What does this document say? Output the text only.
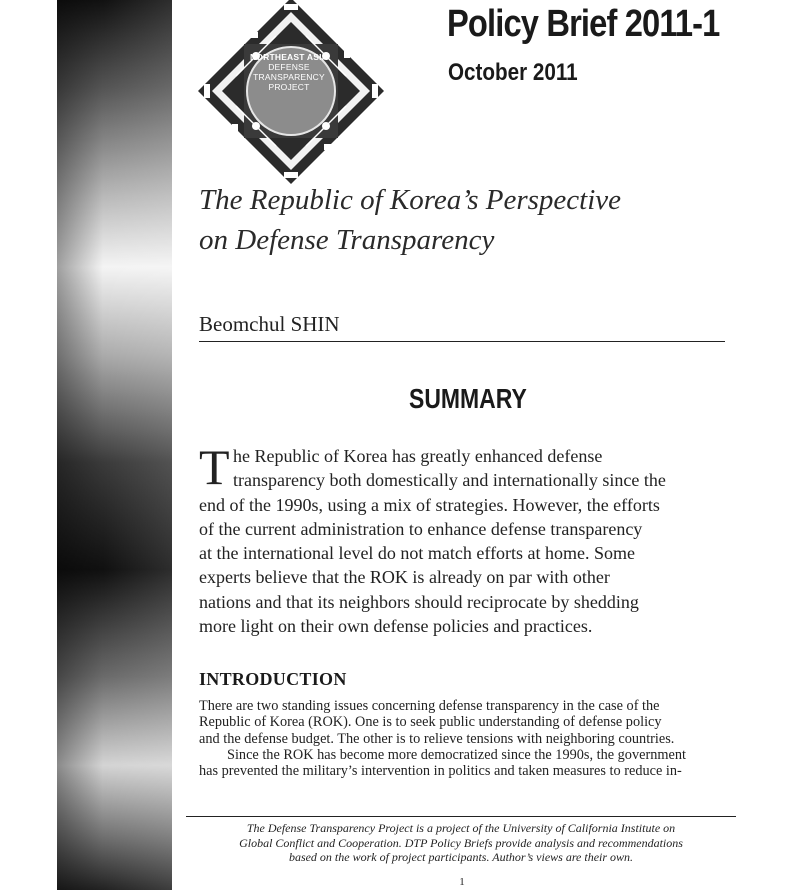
NORTHEAST ASIA
DEFENSE
TRANSPARENCY
PROJECT
Policy Brief 2011-1

October 2011

The Republic of Korea’s Perspective
on Defense Transparency

Beomchul SHIN

SUMMARY
T he Republic of Korea has greatly enhanced defense
transparency both domestically and internationally since the
end of the 1990s, using a mix of strategies. However, the efforts
of the current administration to enhance defense transparency
at the international level do not match efforts at home. Some
experts believe that the ROK is already on par with other
nations and that its neighbors should reciprocate by shedding
more light on their own defense policies and practices.

INTRODUCTION

There are two standing issues concerning defense transparency in the case of the
Republic of Korea (ROK). One is to seek public understanding of defense policy
and the defense budget. The other is to relieve tensions with neighboring countries.
Since the ROK has become more democratized since the 1990s, the government
has prevented the military’s intervention in politics and taken measures to reduce in-

The Defense Transparency Project is a project of the University of California Institute on
Global Conflict and Cooperation. DTP Policy Briefs provide analysis and recommendations
based on the work of project participants. Author’s views are their own.

1
